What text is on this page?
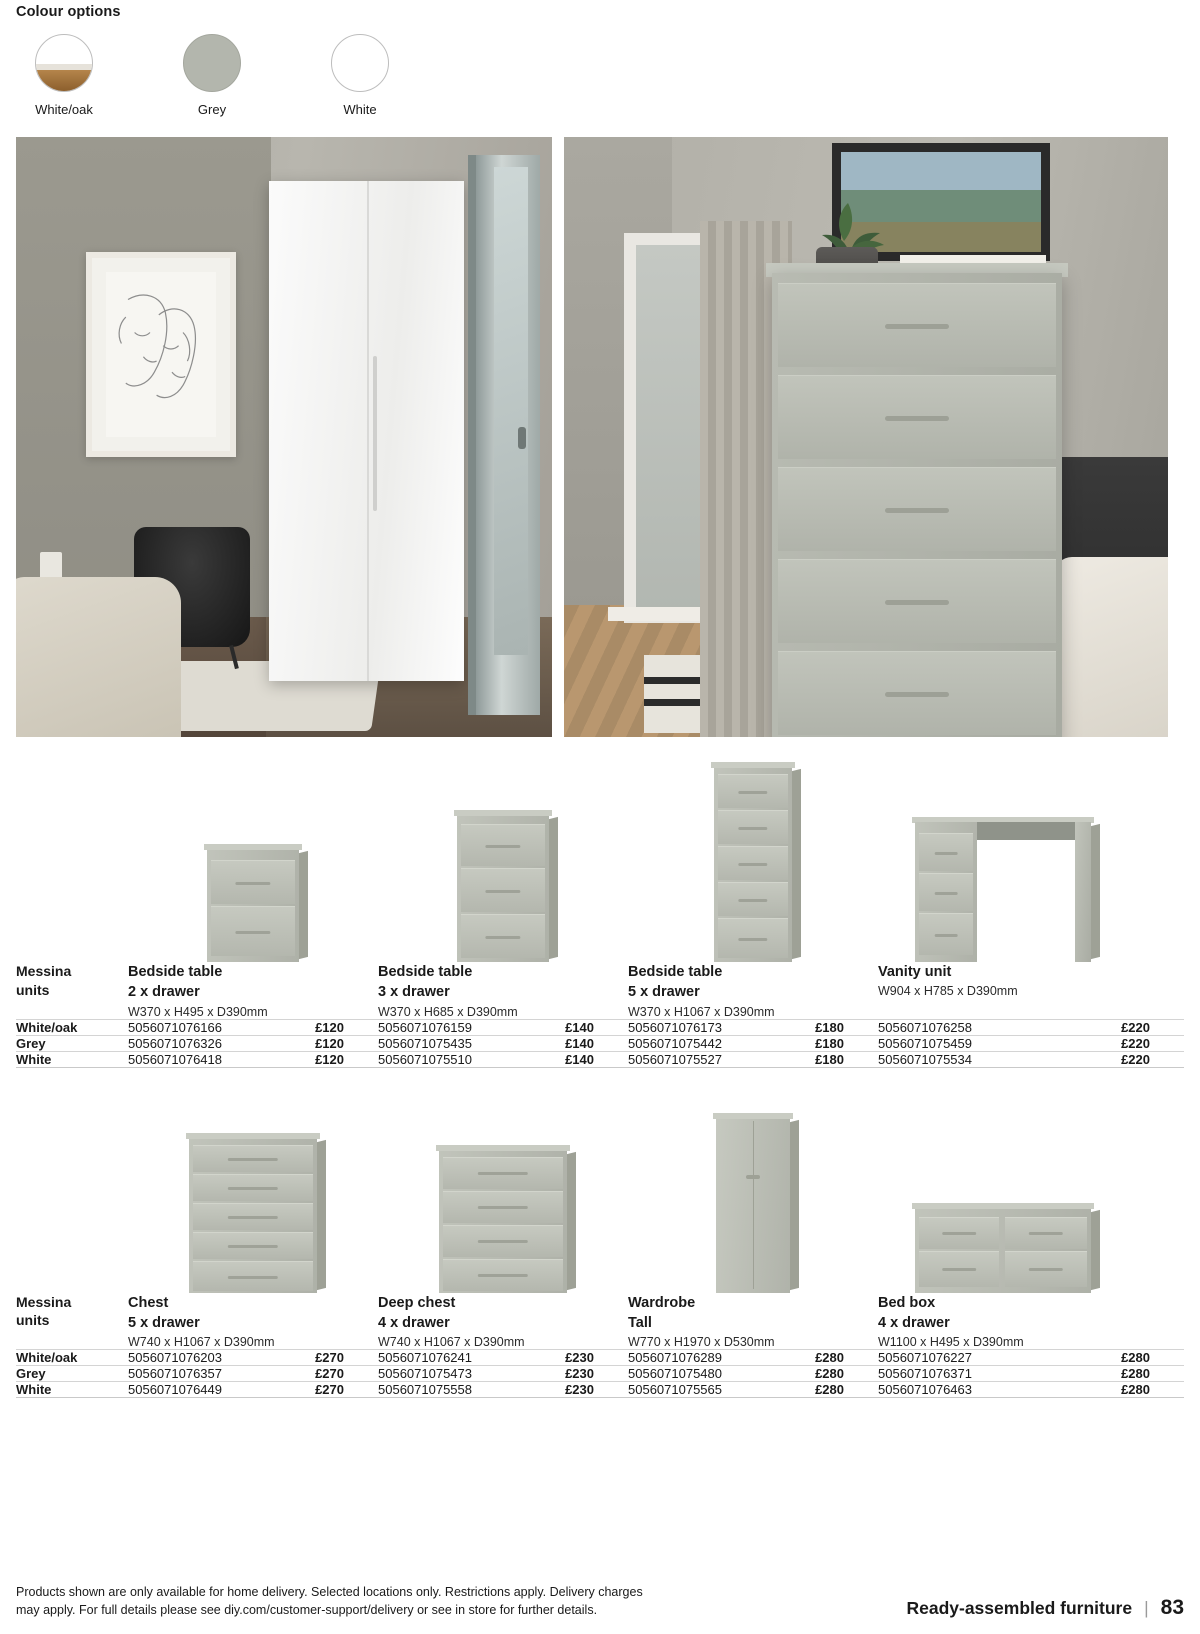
Colour options
White/oak	Grey	White
Messina
units

Bedside table
2 x drawer
W370 x H495 x D390mm

Bedside table
3 x drawer
W370 x H685 x D390mm

Bedside table
5 x drawer
W370 x H1067 x D390mm

Vanity unit
W904 x H785 x D390mm

White/oak	5056071076166 £120	5056071076159 £140	5056071076173 £180	5056071076258 £220

Grey	5056071076326 £120	5056071075435 £140	5056071075442 £180	5056071075459 £220

White	5056071076418 £120	5056071075510 £140	5056071075527 £180	5056071075534 £220

Messina
units

Chest
5 x drawer
W740 x H1067 x D390mm

Deep chest
4 x drawer
W740 x H1067 x D390mm

Wardrobe
Tall
W770 x H1970 x D530mm

Bed box
4 x drawer
W1100 x H495 x D390mm

White/oak	5056071076203 £270	5056071076241 £230	5056071076289 £280	5056071076227 £280

Grey	5056071076357 £270	5056071075473 £230	5056071075480 £280	5056071076371 £280

White	5056071076449 £270	5056071075558 £230	5056071075565 £280	5056071076463 £280

Products shown are only available for home delivery. Selected locations only. Restrictions apply. Delivery charges
may apply. For full details please see diy.com/customer-support/delivery or see in store for further details.	Ready-assembled furniture | 83
